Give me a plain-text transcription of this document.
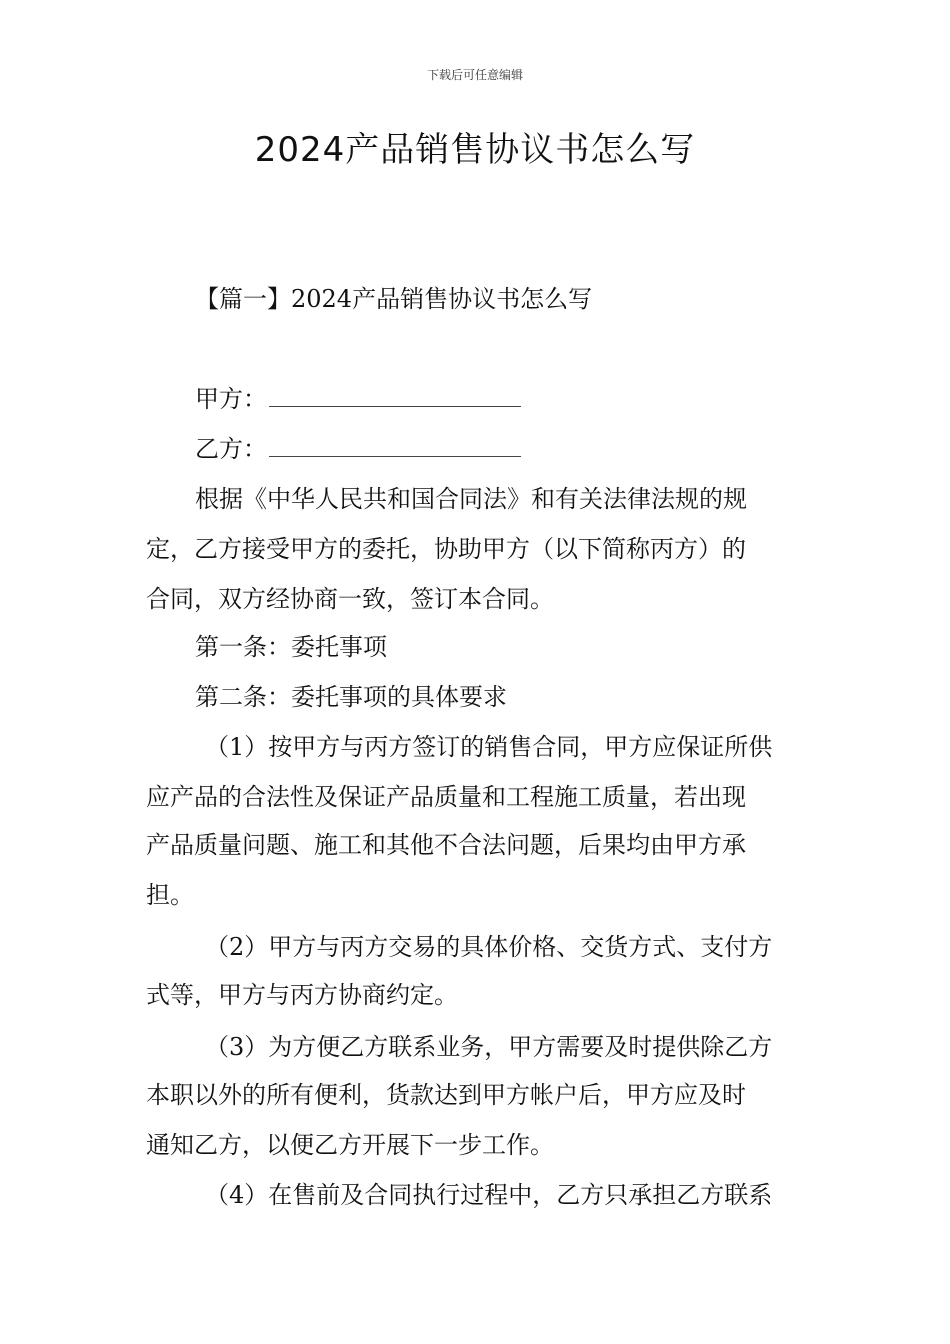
下载后可任意编辑
2024产品销售协议书怎么写
【篇一】2024产品销售协议书怎么写
甲方：
乙方：
根据《中华人民共和国合同法》和有关法律法规的规
定，乙方接受甲方的委托，协助甲方（以下简称丙方）的
合同，双方经协商一致，签订本合同。
第一条：委托事项
第二条：委托事项的具体要求
（1）按甲方与丙方签订的销售合同，甲方应保证所供
应产品的合法性及保证产品质量和工程施工质量，若出现
产品质量问题、施工和其他不合法问题，后果均由甲方承
担。
（2）甲方与丙方交易的具体价格、交货方式、支付方
式等，甲方与丙方协商约定。
（3）为方便乙方联系业务，甲方需要及时提供除乙方
本职以外的所有便利，货款达到甲方帐户后，甲方应及时
通知乙方，以便乙方开展下一步工作。
（4）在售前及合同执行过程中，乙方只承担乙方联系
